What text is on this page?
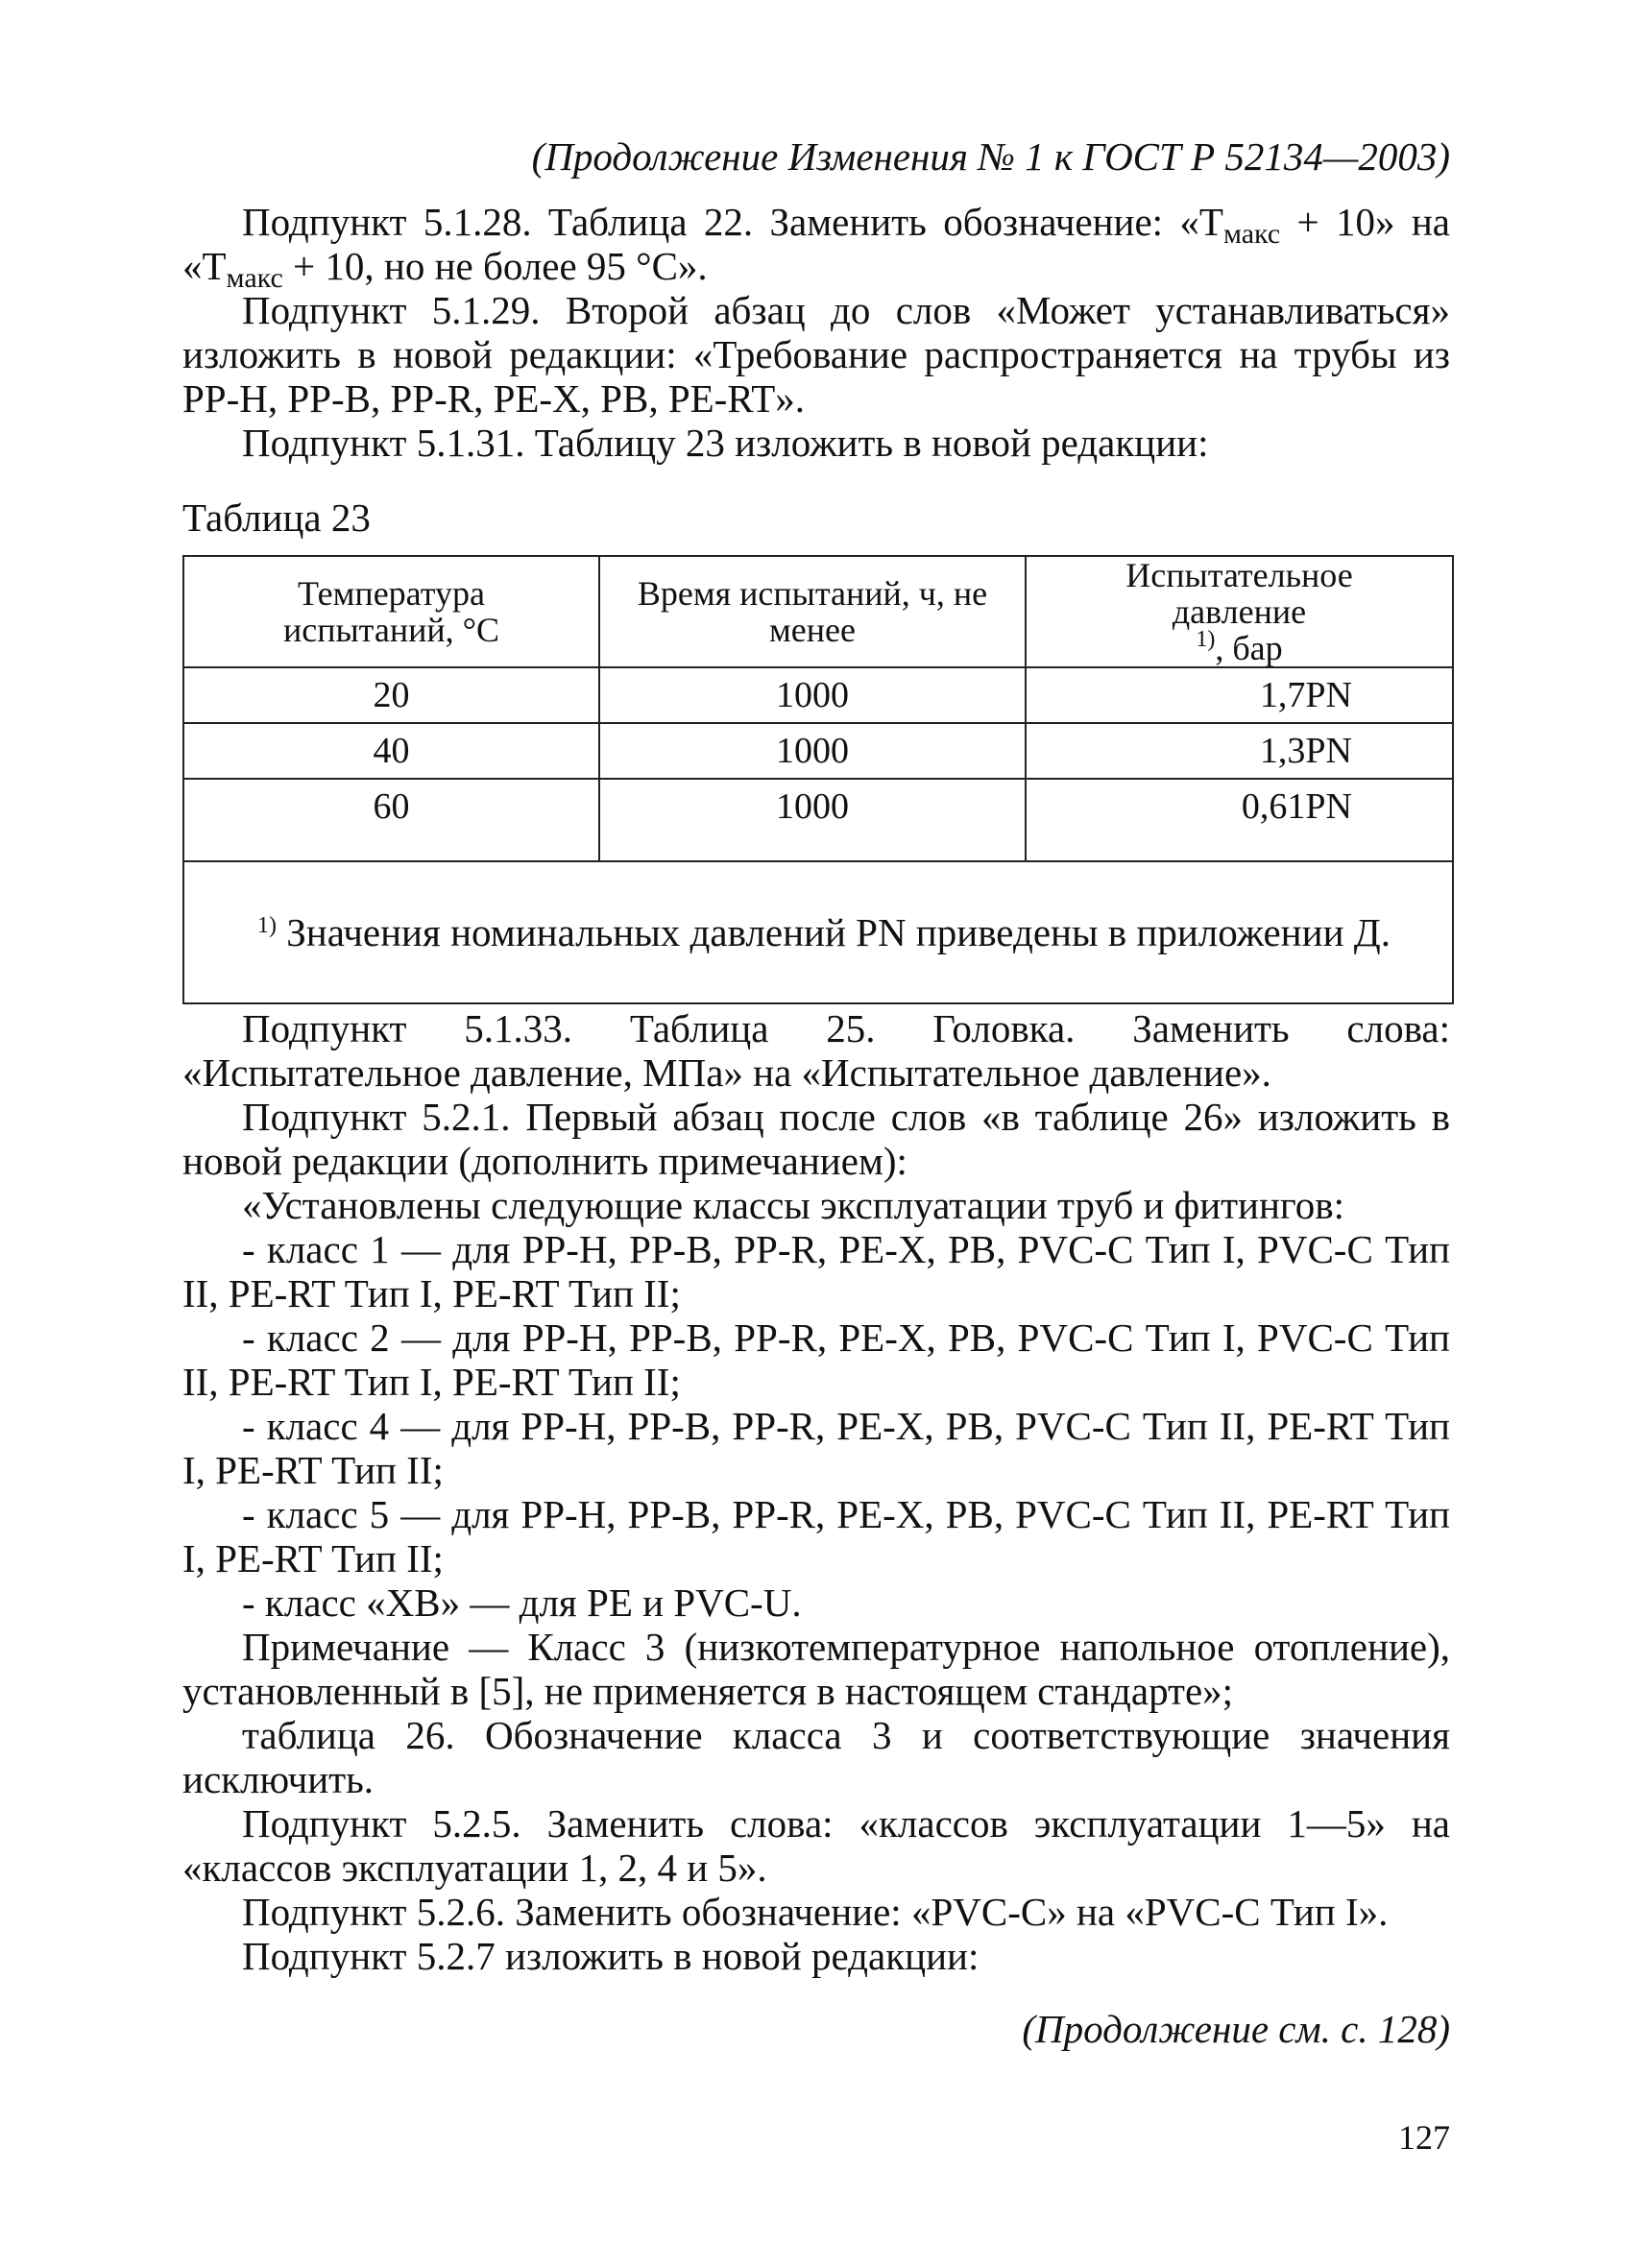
(Продолжение Изменения № 1 к ГОСТ Р 52134—2003)

Подпункт 5.1.28. Таблица 22. Заменить обозначение: «$T_{макс} + 10$» на «$T_{макс} + 10$, но не более 95 °С».

Подпункт 5.1.29. Второй абзац до слов «Может устанавливаться» изложить в новой редакции: «Требование распространяется на трубы из PP-H, PP-B, PP-R, PE-X, PB, PE-RT».

Подпункт 5.1.31. Таблицу 23 изложить в новой редакции:

Таблица 23
Температура испытаний, °С	Время испытаний, ч, не менее	Испытательное давление
$^{1)}$, бар
20	1000	1,7PN
40	1000	1,3PN
60	1000	0,61PN

$^{1)}$ Значения номинальных давлений PN приведены в приложении Д.		

Подпункт 5.1.33. Таблица 25. Головка. Заменить слова: «Испытательное давление, МПа» на «Испытательное давление».

Подпункт 5.2.1. Первый абзац после слов «в таблице 26» изложить в новой редакции (дополнить примечанием):

«Установлены следующие классы эксплуатации труб и фитингов:

- класс 1 — для PP-H, PP-B, PP-R, PE-X, PB, PVC-C Тип I, PVC-C Тип II, PE-RT Тип I, PE-RT Тип II;

- класс 2 — для PP-H, PP-B, PP-R, PE-X, PB, PVC-C Тип I, PVC-C Тип II, PE-RT Тип I, PE-RT Тип II;

- класс 4 — для PP-H, PP-B, PP-R, PE-X, PB, PVC-C Тип II, PE-RT Тип I, PE-RT Тип II;

- класс 5 — для PP-H, PP-B, PP-R, PE-X, PB, PVC-C Тип II, PE-RT Тип I, PE-RT Тип II;

- класс «XB» — для PE и PVC-U.

Примечание — Класс 3 (низкотемпературное напольное отопление), установленный в [5], не применяется в настоящем стандарте»;

таблица 26. Обозначение класса 3 и соответствующие значения исключить.

Подпункт 5.2.5. Заменить слова: «классов эксплуатации 1—5» на «классов эксплуатации 1, 2, 4 и 5».

Подпункт 5.2.6. Заменить обозначение: «PVC-C» на «PVC-C Тип I».

Подпункт 5.2.7 изложить в новой редакции:

(Продолжение см. с. 128)
127
